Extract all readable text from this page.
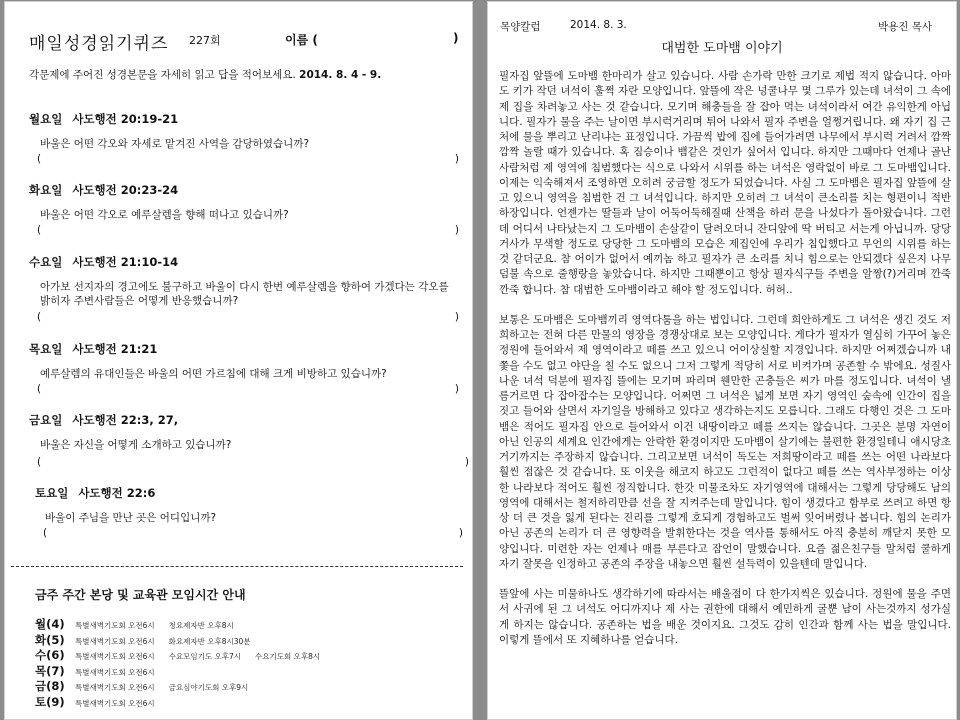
매일성경읽기퀴즈 227회	이름 (	)
각문제에 주어진 성경본문을 자세히 읽고 답을 적어보세요. 2014. 8. 4 - 9.
월요일 사도행전 20:19-21
바울은 어떤 각오와 자세로 맡겨진 사역을 감당하였습니까?
(	)
화요일 사도행전 20:23-24
바울은 어떤 각오로 예루살렘을 향해 떠나고 있습니까?
(	)
수요일 사도행전 21:10-14
아가보 선지자의 경고에도 불구하고 바울이 다시 한번 예루살렘을 향하여 가겠다는 각오를 밝히자 주변사람들은 어떻게 반응했습니까?
(	)
목요일 사도행전 21:21
예루살렘의 유대인들은 바울의 어떤 가르침에 대해 크게 비방하고 있습니까?
(	)
금요일 사도행전 22:3, 27,
바울은 자신을 어떻게 소개하고 있습니까?
(	)
토요일 사도행전 22:6
바울이 주님을 만난 곳은 어디입니까?
(	)
금주 주간 본당 및 교육관 모임시간 안내
월(4) 특별새벽기도회 오전6시 청요제자반 오후8시
화(5) 특별새벽기도회 오전6시 화요제자반 오후8시30분
수(6) 특별새벽기도회 오전6시 수요모임기도 오후7시 수요기도회 오후8시
목(7) 특별새벽기도회 오전6시
금(8) 특별새벽기도회 오전6시 금요심야기도회 오후9시
토(9) 특별새벽기도회 오전6시
목양칼럼	2014. 8. 3.	박용진 목사
대범한 도마뱀 이야기

필자집 앞뜰에 도마뱀 한마리가 살고 있습니다. 사람 손가락 만한 크기로 제법 적지 않습니다. 아마도 키가 작던 녀석이 훌쩍 자란 모양입니다. 앞뜰에 작은 넝쿨나무 몇 그루가 있는데 녀석이 그 속에 제 집을 차려놓고 사는 것 같습니다. 모기며 해충들을 잘 잡아 먹는 녀석이라서 여간 유익한게 아닙니다. 필자가 물을 주는 날이면 부시럭거리며 튀어 나와서 필자 주변을 얼쩡거립니다. 왜 자기 집 근처에 물을 뿌리고 난리냐는 표정입니다. 가끔씩 밥에 집에 들어가려면 나무에서 부시럭 거려서 깜짝 깜짝 놀랄 때가 있습니다. 혹 짐승이나 뱀같은 것인가 싶어서 입니다. 하지만 그때마다 언제나 골난사람처럼 제 영역에 침범했다는 식으로 나와서 시위를 하는 녀석은 영락없이 바로 그 도마뱀입니다. 이제는 익숙해져서 조영하면 오히려 궁금할 정도가 되었습니다. 사실 그 도마뱀은 필자집 앞뜰에 살고 있으니 영역을 침범한 건 그 녀석입니다. 하지만 오히려 그 녀석이 큰소리를 치는 형편이니 적반하장입니다. 언젠가는 딸들과 날이 어둑어둑해질때 산책을 하러 문을 나섰다가 돌아왔습니다. 그런데 어디서 나타났는지 그 도마뱀이 손살같이 달려오더니 잔디앞에 딱 버티고 서는게 아닙니까. 당당거사가 무색할 정도로 당당한 그 도마뱀의 모습은 제집인에 우리가 침입했다고 무언의 시위를 하는 것 같더군요. 참 어이가 없어서 예끼놈 하고 필자가 큰 소리를 치니 힘으로는 안되겠다 싶은지 나무덤불 속으로 줄행랑을 놓았습니다. 하지만 그때뿐이고 항상 필자식구들 주변을 알짱(?)거리며 깐죽깐죽 합니다. 참 대범한 도마뱀이라고 해야 할 정도입니다. 허허..

보통은 도마뱀은 도마뱀끼리 영역다툼을 하는 법입니다. 그런데 희안하게도 그 녀석은 생긴 것도 저희하고는 전혀 다른 만물의 영장을 경쟁상대로 보는 모양입니다. 게다가 필자가 열심히 가꾸어 놓은 정원에 들어와서 제 영역이라고 떼를 쓰고 있으니 어이상실할 지경입니다. 하지만 어쩌겠습니까 내 쫓을 수도 없고 야단을 칠 수도 없으니 그저 그렇게 적당히 서로 비켜가며 공존할 수 밖에요. 성질사나운 녀석 덕분에 필자집 뜰에는 모기며 파리며 웬만한 곤충들은 씨가 마를 정도입니다. 녀석이 낼름거르면 다 잡아잡수는 모양입니다. 어쩌면 그 녀석은 넓게 보면 자기 영역인 숲속에 인간이 집을 짓고 들어와 살면서 자기일을 방해하고 있다고 생각하는지도 모릅니다. 그래도 다행인 것은 그 도마뱀은 적어도 필자집 안으로 들어와서 이건 내땅이라고 떼를 쓰지는 않습니다. 그곳은 분명 자연이 아닌 인공의 세계요 인간에게는 안락한 환경이지만 도마뱀이 살기에는 불편한 환경일테니 애시당초 거기까지는 주장하지 않습니다. 그리고보면 녀석이 독도는 저희땅이라고 떼를 쓰는 어떤 나라보다 훨씬 점잖은 것 같습니다. 또 이웃을 해코지 하고도 그런적이 없다고 떼를 쓰는 역사부정하는 이상한 나라보다 적어도 훨씬 정직합니다. 한갓 미물조차도 자기영역에 대해서는 그렇게 당당해도 남의 영역에 대해서는 철저하리만큼 선을 잘 지켜주는데 말입니다. 힘이 생겼다고 함부로 쓰려고 하면 항상 더 큰 것을 잃게 된다는 진리를 그렇게 호되게 경험하고도 벌써 잊어버렸나 봅니다. 힘의 논리가 아닌 공존의 논리가 더 큰 영향력을 발휘한다는 것을 역사를 통해서도 아직 충분히 깨닫지 못한 모양입니다. 미련한 자는 언제나 매를 부른다고 잠언이 말했습니다. 요즘 젊은친구들 말처럼 쿨하게 자기 잘못을 인정하고 공존의 주장을 내놓으면 훨씬 설득력이 있을텐데 말입니다.

뜰앞에 사는 미물하나도 생각하기에 따라서는 배울점이 다 한가지씩은 있습니다. 정원에 물을 주면서 사귀에 된 그 녀석도 어디까지나 제 사는 권한에 대해서 예민하게 굴뿐 남이 사는것까지 성가실게 하지는 않습니다. 공존하는 법을 배운 것이지요. 그것도 감히 인간과 함께 사는 법을 말입니다. 이렇게 뜰에서 또 지혜하나를 얻습니다.
